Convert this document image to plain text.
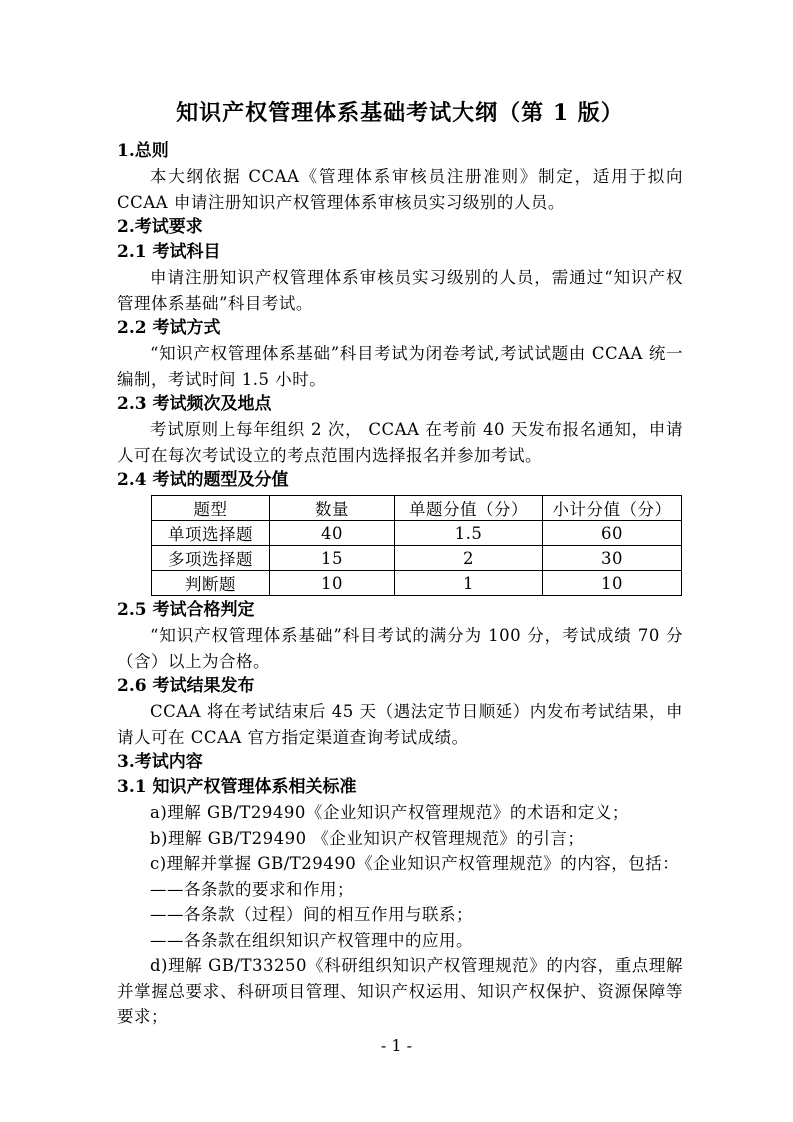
知识产权管理体系基础考试大纲（第 1 版）

1.总则

本大纲依据 CCAA《管理体系审核员注册准则》制定，适用于拟向 CCAA 申请注册知识产权管理体系审核员实习级别的人员。

2.考试要求

2.1 考试科目

申请注册知识产权管理体系审核员实习级别的人员，需通过“知识产权管理体系基础”科目考试。

2.2 考试方式

“知识产权管理体系基础”科目考试为闭卷考试,考试试题由 CCAA 统一编制，考试时间 1.5 小时。

2.3 考试频次及地点

考试原则上每年组织 2 次， CCAA 在考前 40 天发布报名通知，申请人可在每次考试设立的考点范围内选择报名并参加考试。

2.4 考试的题型及分值

题型	数量	单题分值（分）	小计分值（分）
单项选择题	40	1.5	60
多项选择题	15	2	30
判断题	10	1	10

2.5 考试合格判定

“知识产权管理体系基础”科目考试的满分为 100 分，考试成绩 70 分（含）以上为合格。

2.6 考试结果发布

CCAA 将在考试结束后 45 天（遇法定节日顺延）内发布考试结果，申请人可在 CCAA 官方指定渠道查询考试成绩。

3.考试内容

3.1 知识产权管理体系相关标准

a)理解 GB/T29490《企业知识产权管理规范》的术语和定义；

b)理解 GB/T29490 《企业知识产权管理规范》的引言；

c)理解并掌握 GB/T29490《企业知识产权管理规范》的内容，包括：

——各条款的要求和作用；

——各条款（过程）间的相互作用与联系；

——各条款在组织知识产权管理中的应用。

d)理解 GB/T33250《科研组织知识产权管理规范》的内容，重点理解并掌握总要求、科研项目管理、知识产权运用、知识产权保护、资源保障等要求；

- 1 -
